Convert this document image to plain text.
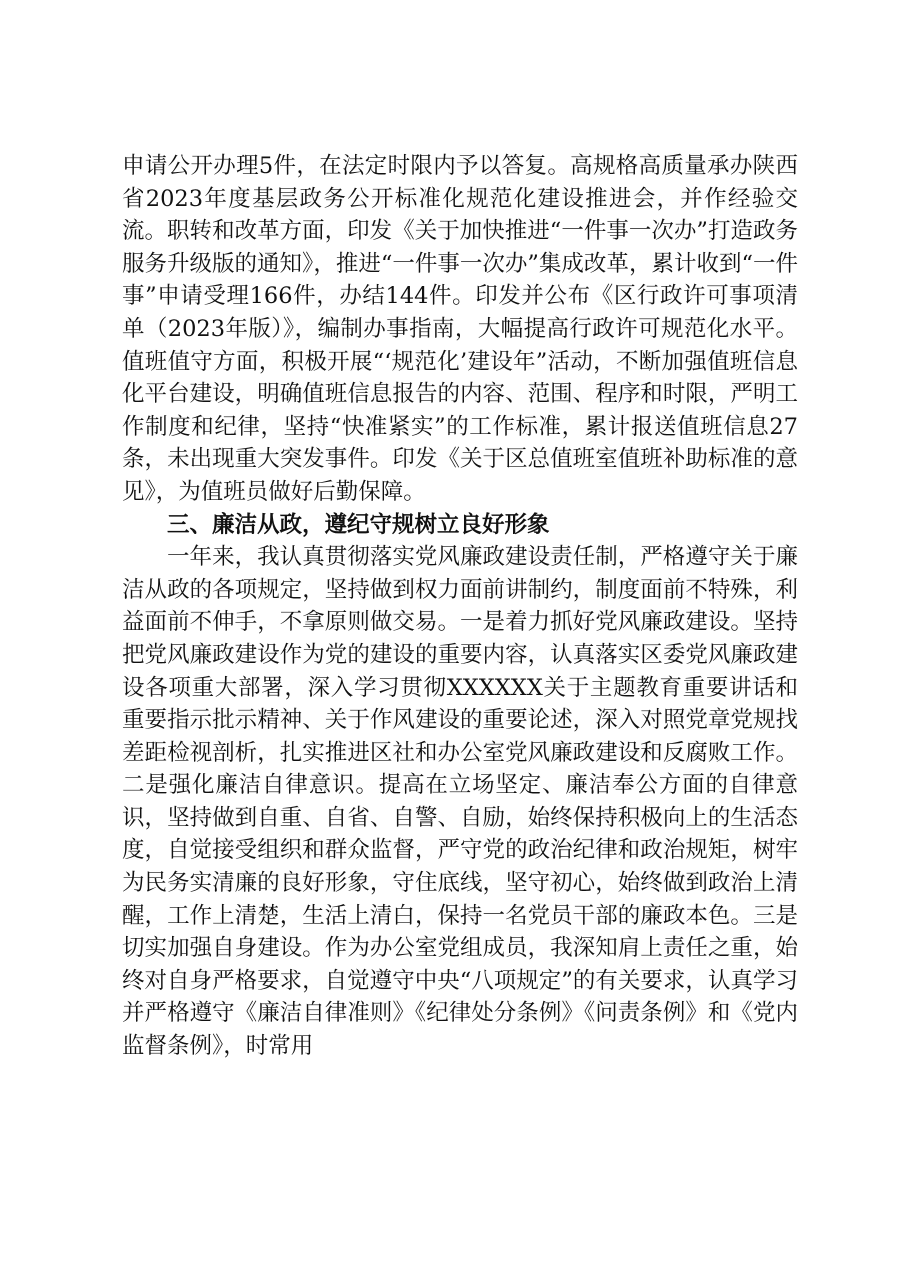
申请公开办理5件，在法定时限内予以答复。高规格高质量承办陕西省2023年度基层政务公开标准化规范化建设推进会，并作经验交流。职转和改革方面，印发《关于加快推进“一件事一次办”打造政务服务升级版的通知》，推进“一件事一次办”集成改革，累计收到“一件事”申请受理166件，办结144件。印发并公布《区行政许可事项清单（2023年版）》，编制办事指南，大幅提高行政许可规范化水平。值班值守方面，积极开展“‘规范化’建设年”活动，不断加强值班信息化平台建设，明确值班信息报告的内容、范围、程序和时限，严明工作制度和纪律，坚持“快准紧实”的工作标准，累计报送值班信息27条，未出现重大突发事件。印发《关于区总值班室值班补助标准的意见》，为值班员做好后勤保障。

三、廉洁从政，遵纪守规树立良好形象

一年来，我认真贯彻落实党风廉政建设责任制，严格遵守关于廉洁从政的各项规定，坚持做到权力面前讲制约，制度面前不特殊，利益面前不伸手，不拿原则做交易。一是着力抓好党风廉政建设。坚持把党风廉政建设作为党的建设的重要内容，认真落实区委党风廉政建设各项重大部署，深入学习贯彻XXXXXX关于主题教育重要讲话和重要指示批示精神、关于作风建设的重要论述，深入对照党章党规找差距检视剖析，扎实推进区社和办公室党风廉政建设和反腐败工作。二是强化廉洁自律意识。提高在立场坚定、廉洁奉公方面的自律意识，坚持做到自重、自省、自警、自励，始终保持积极向上的生活态度，自觉接受组织和群众监督，严守党的政治纪律和政治规矩，树牢为民务实清廉的良好形象，守住底线，坚守初心，始终做到政治上清醒，工作上清楚，生活上清白，保持一名党员干部的廉政本色。三是切实加强自身建设。作为办公室党组成员，我深知肩上责任之重，始终对自身严格要求，自觉遵守中央“八项规定”的有关要求，认真学习并严格遵守《廉洁自律准则》《纪律处分条例》《问责条例》和《党内监督条例》，时常用
